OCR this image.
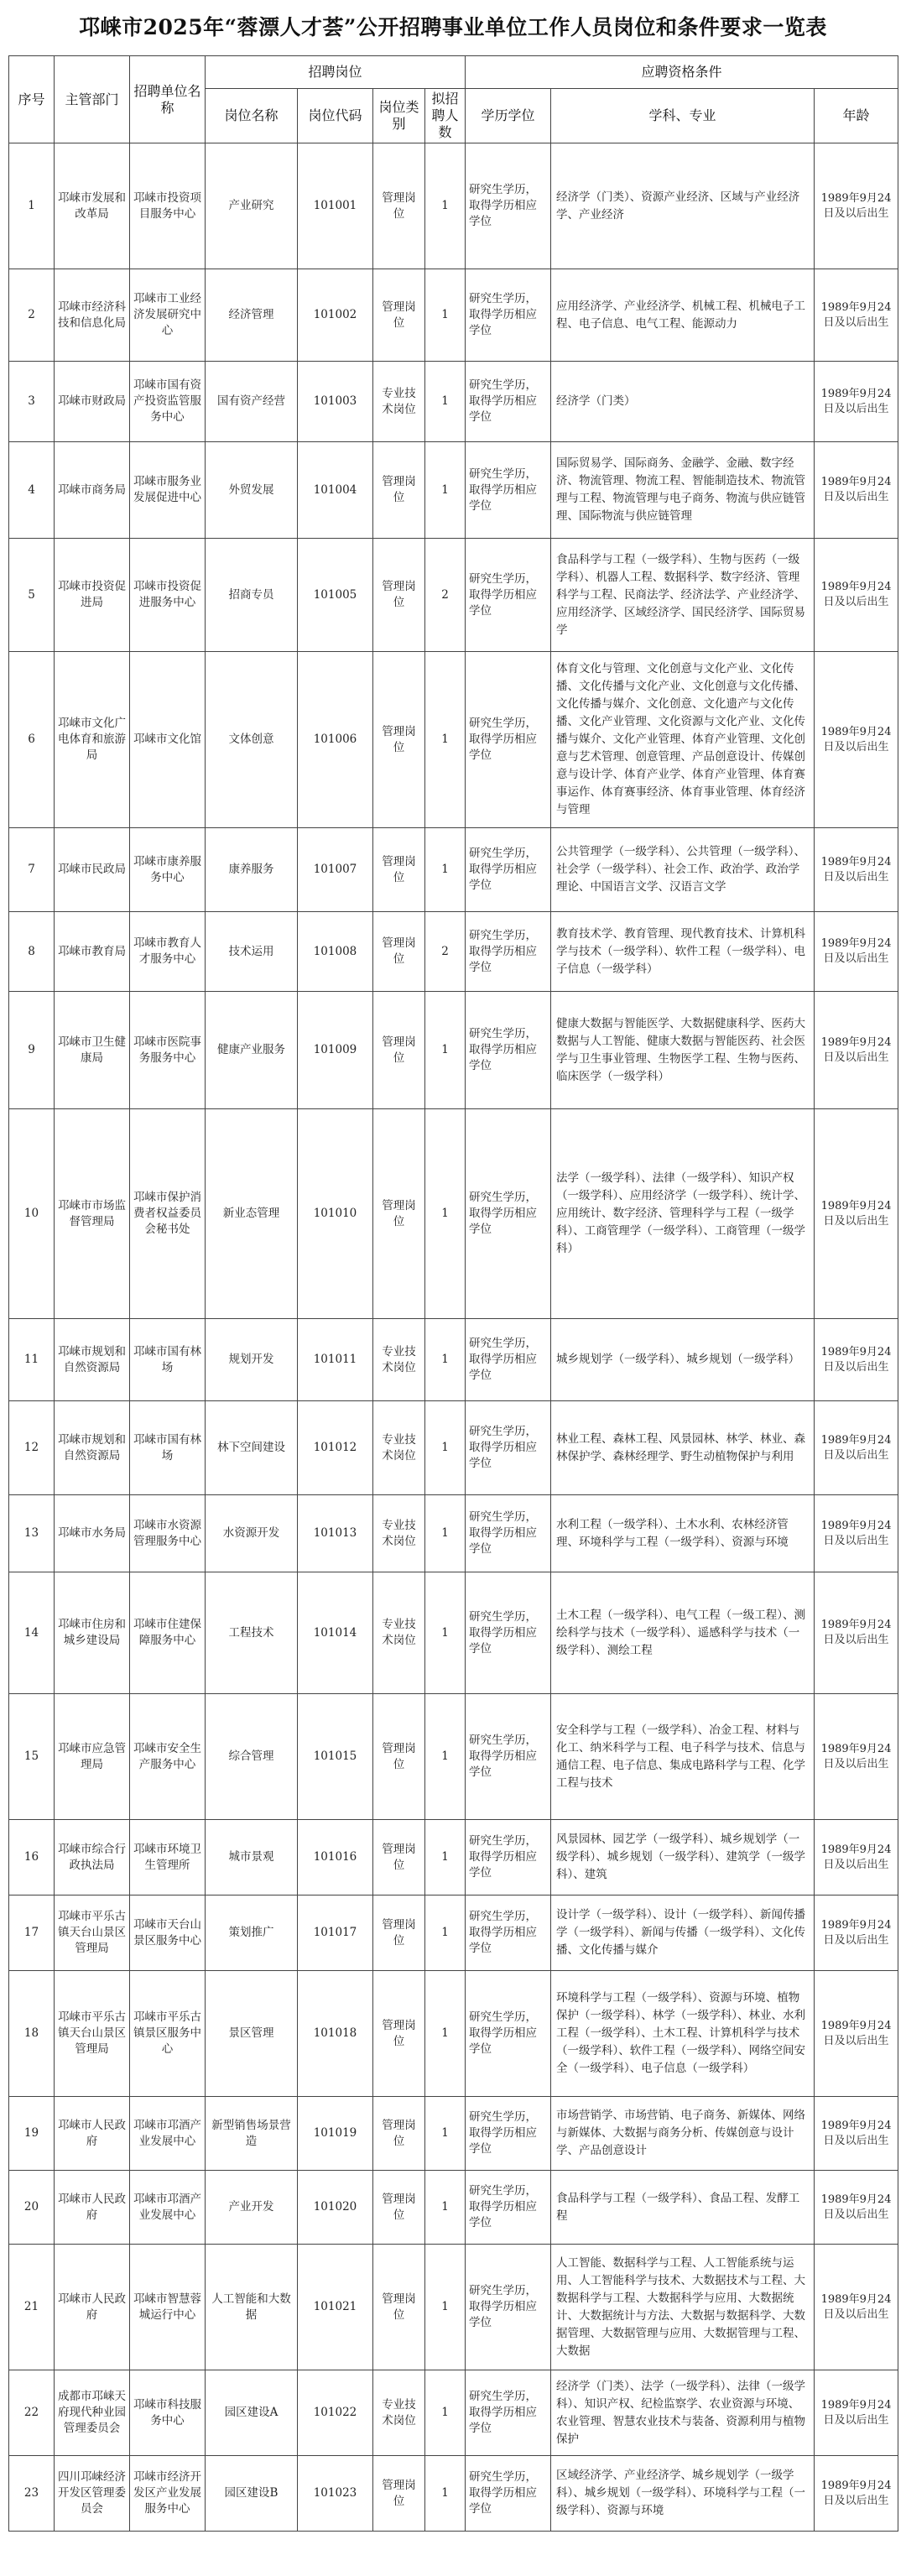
邛崃市2025年“蓉漂人才荟”公开招聘事业单位工作人员岗位和条件要求一览表
序号	主管部门	招聘单位名称	招聘岗位				应聘资格条件		
			岗位名称	岗位代码	岗位类别	拟招聘人数	学历学位	学科、专业	年龄
1	邛崃市发展和改革局	邛崃市投资项目服务中心	产业研究	101001	管理岗位	1	研究生学历，取得学历相应学位	经济学（门类）、资源产业经济、区域与产业经济学、产业经济	1989年9月24日及以后出生
2	邛崃市经济科技和信息化局	邛崃市工业经济发展研究中心	经济管理	101002	管理岗位	1	研究生学历，取得学历相应学位	应用经济学、产业经济学、机械工程、机械电子工程、电子信息、电气工程、能源动力	1989年9月24日及以后出生
3	邛崃市财政局	邛崃市国有资产投资监管服务中心	国有资产经营	101003	专业技术岗位	1	研究生学历，取得学历相应学位	经济学（门类）	1989年9月24日及以后出生
4	邛崃市商务局	邛崃市服务业发展促进中心	外贸发展	101004	管理岗位	1	研究生学历，取得学历相应学位	国际贸易学、国际商务、金融学、金融、数字经济、物流管理、物流工程、智能制造技术、物流管理与工程、物流管理与电子商务、物流与供应链管理、国际物流与供应链管理	1989年9月24日及以后出生
5	邛崃市投资促进局	邛崃市投资促进服务中心	招商专员	101005	管理岗位	2	研究生学历，取得学历相应学位	食品科学与工程（一级学科）、生物与医药（一级学科）、机器人工程、数据科学、数字经济、管理科学与工程、民商法学、经济法学、产业经济学、应用经济学、区域经济学、国民经济学、国际贸易学	1989年9月24日及以后出生
6	邛崃市文化广电体育和旅游局	邛崃市文化馆	文体创意	101006	管理岗位	1	研究生学历，取得学历相应学位	体育文化与管理、文化创意与文化产业、文化传播、文化传播与文化产业、文化创意与文化传播、文化传播与媒介、文化创意、文化遗产与文化传播、文化产业管理、文化资源与文化产业、文化传播与媒介、文化产业管理、体育产业管理、文化创意与艺术管理、创意管理、产品创意设计、传媒创意与设计学、体育产业学、体育产业管理、体育赛事运作、体育赛事经济、体育事业管理、体育经济与管理	1989年9月24日及以后出生
7	邛崃市民政局	邛崃市康养服务中心	康养服务	101007	管理岗位	1	研究生学历，取得学历相应学位	公共管理学（一级学科）、公共管理（一级学科）、社会学（一级学科）、社会工作、政治学、政治学理论、中国语言文学、汉语言文学	1989年9月24日及以后出生
8	邛崃市教育局	邛崃市教育人才服务中心	技术运用	101008	管理岗位	2	研究生学历，取得学历相应学位	教育技术学、教育管理、现代教育技术、计算机科学与技术（一级学科）、软件工程（一级学科）、电子信息（一级学科）	1989年9月24日及以后出生
9	邛崃市卫生健康局	邛崃市医院事务服务中心	健康产业服务	101009	管理岗位	1	研究生学历，取得学历相应学位	健康大数据与智能医学、大数据健康科学、医药大数据与人工智能、健康大数据与智能医药、社会医学与卫生事业管理、生物医学工程、生物与医药、临床医学（一级学科）	1989年9月24日及以后出生
10	邛崃市市场监督管理局	邛崃市保护消费者权益委员会秘书处	新业态管理	101010	管理岗位	1	研究生学历，取得学历相应学位	法学（一级学科）、法律（一级学科）、知识产权（一级学科）、应用经济学（一级学科）、统计学、应用统计、数字经济、管理科学与工程（一级学科）、工商管理学（一级学科）、工商管理（一级学科）	1989年9月24日及以后出生
11	邛崃市规划和自然资源局	邛崃市国有林场	规划开发	101011	专业技术岗位	1	研究生学历，取得学历相应学位	城乡规划学（一级学科）、城乡规划（一级学科）	1989年9月24日及以后出生
12	邛崃市规划和自然资源局	邛崃市国有林场	林下空间建设	101012	专业技术岗位	1	研究生学历，取得学历相应学位	林业工程、森林工程、风景园林、林学、林业、森林保护学、森林经理学、野生动植物保护与利用	1989年9月24日及以后出生
13	邛崃市水务局	邛崃市水资源管理服务中心	水资源开发	101013	专业技术岗位	1	研究生学历，取得学历相应学位	水利工程（一级学科）、土木水利、农林经济管理、环境科学与工程（一级学科）、资源与环境	1989年9月24日及以后出生
14	邛崃市住房和城乡建设局	邛崃市住建保障服务中心	工程技术	101014	专业技术岗位	1	研究生学历，取得学历相应学位	土木工程（一级学科）、电气工程（一级工程）、测绘科学与技术（一级学科）、遥感科学与技术（一级学科）、测绘工程	1989年9月24日及以后出生
15	邛崃市应急管理局	邛崃市安全生产服务中心	综合管理	101015	管理岗位	1	研究生学历，取得学历相应学位	安全科学与工程（一级学科）、冶金工程、材料与化工、纳米科学与工程、电子科学与技术、信息与通信工程、电子信息、集成电路科学与工程、化学工程与技术	1989年9月24日及以后出生
16	邛崃市综合行政执法局	邛崃市环境卫生管理所	城市景观	101016	管理岗位	1	研究生学历，取得学历相应学位	风景园林、园艺学（一级学科）、城乡规划学（一级学科）、城乡规划（一级学科）、建筑学（一级学科）、建筑	1989年9月24日及以后出生
17	邛崃市平乐古镇天台山景区管理局	邛崃市天台山景区服务中心	策划推广	101017	管理岗位	1	研究生学历，取得学历相应学位	设计学（一级学科）、设计（一级学科）、新闻传播学（一级学科）、新闻与传播（一级学科）、文化传播、文化传播与媒介	1989年9月24日及以后出生
18	邛崃市平乐古镇天台山景区管理局	邛崃市平乐古镇景区服务中心	景区管理	101018	管理岗位	1	研究生学历，取得学历相应学位	环境科学与工程（一级学科）、资源与环境、植物保护（一级学科）、林学（一级学科）、林业、水利工程（一级学科）、土木工程、计算机科学与技术（一级学科）、软件工程（一级学科）、网络空间安全（一级学科）、电子信息（一级学科）	1989年9月24日及以后出生
19	邛崃市人民政府	邛崃市邛酒产业发展中心	新型销售场景营造	101019	管理岗位	1	研究生学历，取得学历相应学位	市场营销学、市场营销、电子商务、新媒体、网络与新媒体、大数据与商务分析、传媒创意与设计学、产品创意设计	1989年9月24日及以后出生
20	邛崃市人民政府	邛崃市邛酒产业发展中心	产业开发	101020	管理岗位	1	研究生学历，取得学历相应学位	食品科学与工程（一级学科）、食品工程、发酵工程	1989年9月24日及以后出生
21	邛崃市人民政府	邛崃市智慧蓉城运行中心	人工智能和大数据	101021	管理岗位	1	研究生学历，取得学历相应学位	人工智能、数据科学与工程、人工智能系统与运用、人工智能科学与技术、大数据技术与工程、大数据科学与工程、大数据科学与应用、大数据统计、大数据统计与方法、大数据与数据科学、大数据管理、大数据管理与应用、大数据管理与工程、大数据	1989年9月24日及以后出生
22	成都市邛崃天府现代种业园管理委员会	邛崃市科技服务中心	园区建设A	101022	专业技术岗位	1	研究生学历，取得学历相应学位	经济学（门类）、法学（一级学科）、法律（一级学科）、知识产权、纪检监察学、农业资源与环境、农业管理、智慧农业技术与装备、资源利用与植物保护	1989年9月24日及以后出生
23	四川邛崃经济开发区管理委员会	邛崃市经济开发区产业发展服务中心	园区建设B	101023	管理岗位	1	研究生学历，取得学历相应学位	区域经济学、产业经济学、城乡规划学（一级学科）、城乡规划（一级学科）、环境科学与工程（一级学科）、资源与环境	1989年9月24日及以后出生
